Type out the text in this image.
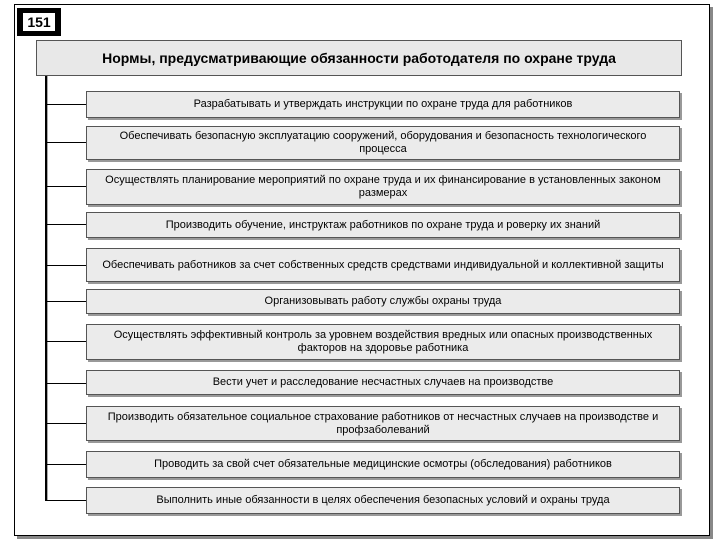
151
Нормы, предусматривающие обязанности работодателя по охране труда
Разрабатывать и утверждать инструкции по охране труда для работников
Обеспечивать безопасную эксплуатацию сооружений, оборудования и безопасность технологического процесса
Осуществлять планирование мероприятий по охране труда и их финансирование в установленных законом размерах
Производить обучение, инструктаж работников по охране труда и роверку их знаний
Обеспечивать работников за счет собственных средств средствами индивидуальной и коллективной защиты
Организовывать работу службы охраны труда
Осуществлять эффективный контроль за уровнем воздействия вредных или опасных производственных факторов на здоровье работника
Вести учет и расследование несчастных случаев на производстве
Производить обязательное социальное страхование работников от несчастных случаев на производстве и профзаболеваний
Проводить за свой счет обязательные медицинские осмотры (обследования) работников
Выполнить иные обязанности в целях обеспечения безопасных условий и охраны труда
